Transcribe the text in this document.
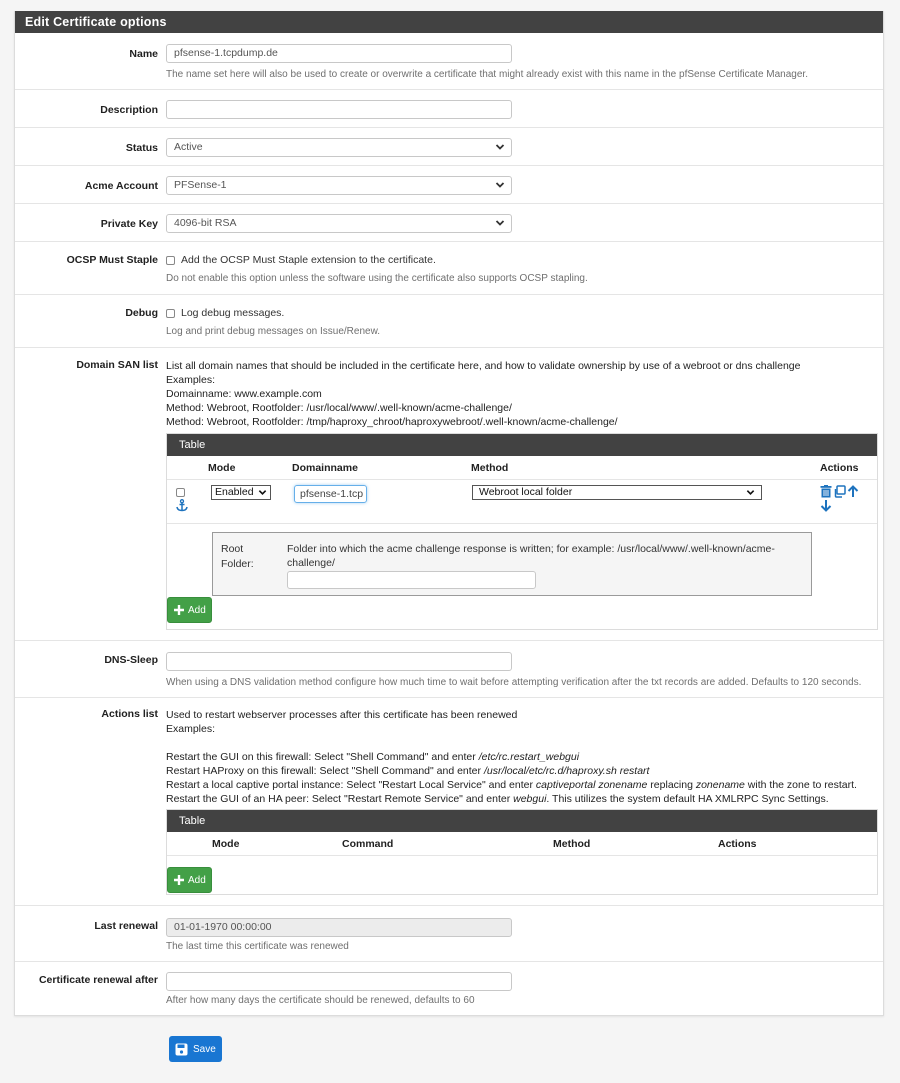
Edit Certificate options
Name	pfsense-1.tcpdump.de
The name set here will also be used to create or overwrite a certificate that might already exist with this name in the pfSense Certificate Manager.
Description
Status	Active
Acme Account	PFSense-1
Private Key	4096-bit RSA
OCSP Must Staple Add the OCSP Must Staple extension to the certificate.
Do not enable this option unless the software using the certificate also supports OCSP stapling.
Debug Log debug messages.
Log and print debug messages on Issue/Renew.
Domain SAN list List all domain names that should be included in the certificate here, and how to validate ownership by use of a webroot or dns challenge
Examples:
Domainname: www.example.com
Method: Webroot, Rootfolder: /usr/local/www/.well-known/acme-challenge/
Method: Webroot, Rootfolder: /tmp/haproxy_chroot/haproxywebroot/.well-known/acme-challenge/
Table
Mode	Domainname	Method	Actions
Enabled	pfsense-1.tcp	Webroot local folder
Root
Folder:
Folder into which the acme challenge response is written; for example: /usr/local/www/.well-known/acme-challenge/
Add
DNS-Sleep
When using a DNS validation method configure how much time to wait before attempting verification after the txt records are added. Defaults to 120 seconds.
Actions list Used to restart webserver processes after this certificate has been renewed
Examples:
Restart the GUI on this firewall: Select "Shell Command" and enter /etc/rc.restart_webgui
Restart HAProxy on this firewall: Select "Shell Command" and enter /usr/local/etc/rc.d/haproxy.sh restart
Restart a local captive portal instance: Select "Restart Local Service" and enter captiveportal zonename replacing zonename with the zone to restart.
Restart the GUI of an HA peer: Select "Restart Remote Service" and enter webgui. This utilizes the system default HA XMLRPC Sync Settings.
Table
Mode	Command	Method	Actions
Add
Last renewal	01-01-1970 00:00:00
The last time this certificate was renewed
Certificate renewal after
After how many days the certificate should be renewed, defaults to 60
Save
